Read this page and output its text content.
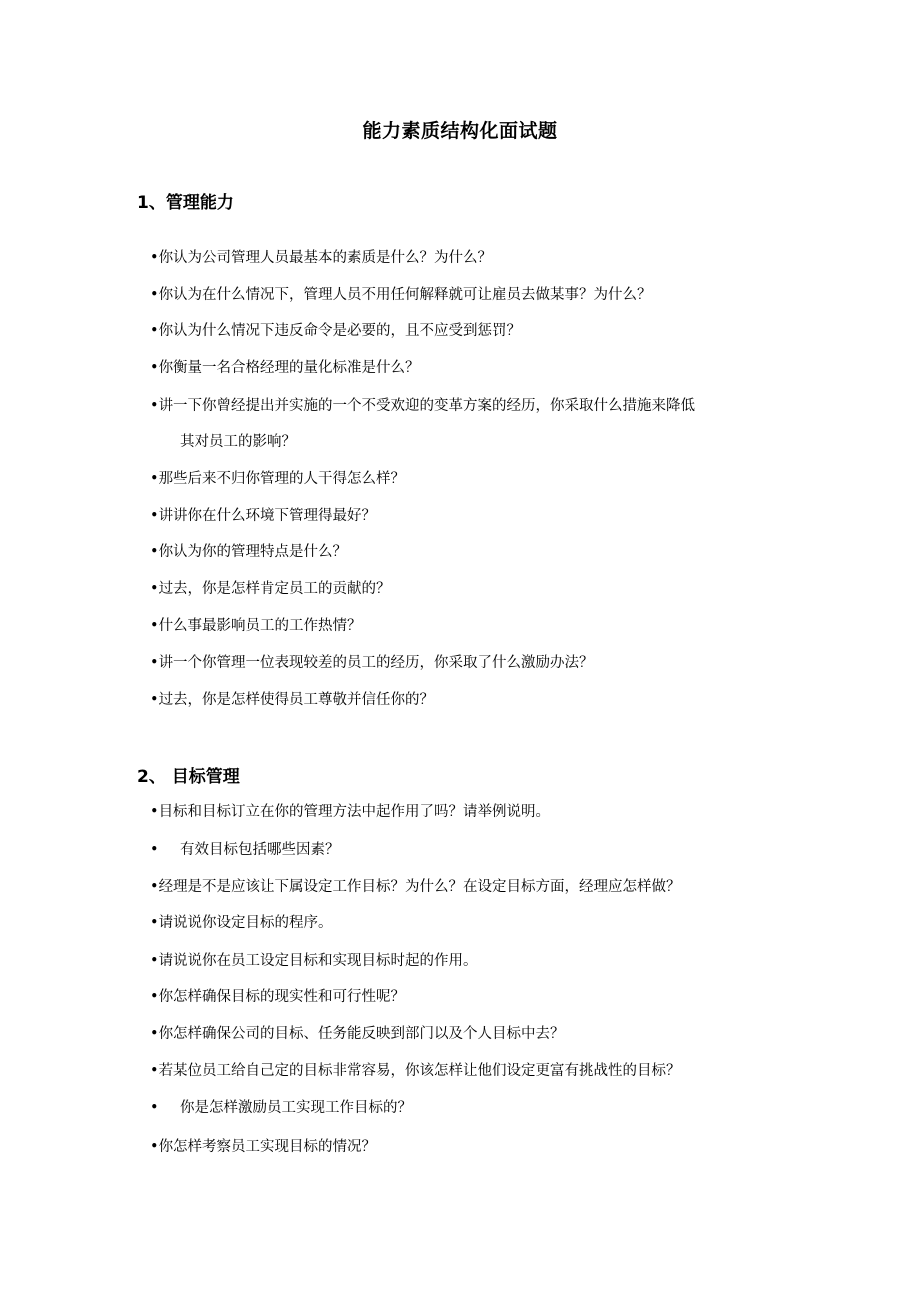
能力素质结构化面试题
1、管理能力
•你认为公司管理人员最基本的素质是什么？为什么？
•你认为在什么情况下，管理人员不用任何解释就可让雇员去做某事？为什么？
•你认为什么情况下违反命令是必要的，且不应受到惩罚？
•你衡量一名合格经理的量化标准是什么？
•讲一下你曾经提出并实施的一个不受欢迎的变革方案的经历，你采取什么措施来降低
其对员工的影响？
•那些后来不归你管理的人干得怎么样？
•讲讲你在什么环境下管理得最好？
•你认为你的管理特点是什么？
•过去，你是怎样肯定员工的贡献的？
•什么事最影响员工的工作热情？
•讲一个你管理一位表现较差的员工的经历，你采取了什么激励办法？
•过去，你是怎样使得员工尊敬并信任你的？
2、 目标管理
•目标和目标订立在你的管理方法中起作用了吗？请举例说明。
• 有效目标包括哪些因素？
•经理是不是应该让下属设定工作目标？为什么？在设定目标方面，经理应怎样做？
•请说说你设定目标的程序。
•请说说你在员工设定目标和实现目标时起的作用。
•你怎样确保目标的现实性和可行性呢？
•你怎样确保公司的目标、任务能反映到部门以及个人目标中去？
•若某位员工给自己定的目标非常容易，你该怎样让他们设定更富有挑战性的目标？
• 你是怎样激励员工实现工作目标的？
•你怎样考察员工实现目标的情况？
